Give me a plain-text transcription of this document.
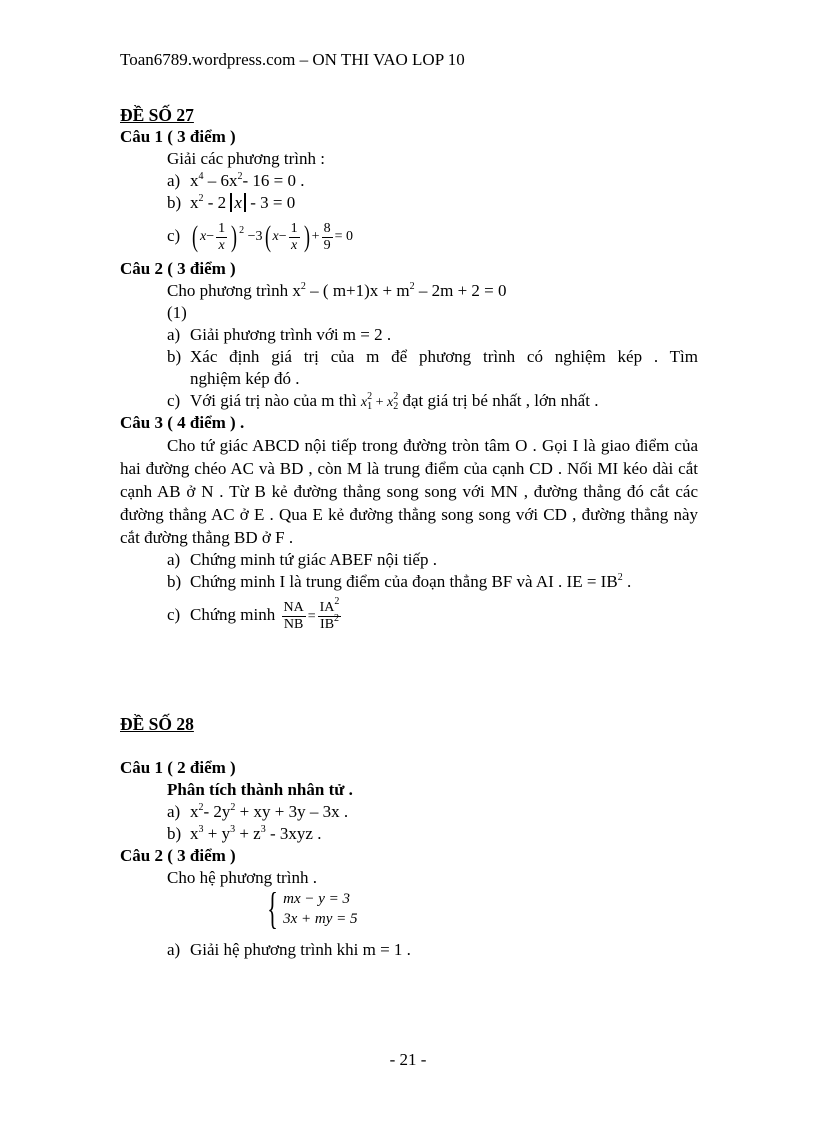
Toan6789.wordpress.com – ON THI VAO LOP 10
ĐỀ SỐ 27
Câu 1 ( 3 điểm )
Giải các phương trình :
a) $x^4 - 6x^2-$ 16 = 0 .
b) $x^2 - 2$ x - 3 = 0
c) ( $x- \frac{1}{x}$ ) $^2$ −3( $x- \frac{1}{x}$ ) + $\frac{8}{9} = 0$
Câu 2 ( 3 điểm )
Cho phương trình $x^2$ – ( $m+1)x + m^2 - 2m + 2 = 0$
(1)
a) Giải phương trình với m = 2 .
b) Xác định giá trị của m để phương trình có nghiệm kép . Tìm
nghiệm kép đó .
c) Với giá trị nào của m thì $x_1^2 + x_2^2$ đạt giá trị bé nhất , lớn nhất .
Câu 3 ( 4 điểm ) .
Cho tứ giác ABCD nội tiếp trong đường tròn tâm O . Gọi I là giao điểm của hai đường chéo AC và BD , còn M là trung điểm của cạnh CD . Nối MI kéo dài cắt cạnh AB ở N . Từ B kẻ đường thẳng song song với MN , đường thẳng đó cắt các đường thẳng AC ở E . Qua E kẻ đường thẳng song song với CD , đường thẳng này cắt đường thẳng BD ở F .
a) Chứng minh tứ giác ABEF nội tiếp .
b) Chứng minh I là trung điểm của đoạn thẳng BF và AI . IE = $IB^2$ .
c) Chứng minh $\frac{NA}{NB} = \frac{IA^2}{IB^2}$
ĐỀ SỐ 28
Câu 1 ( 2 điểm )
Phân tích thành nhân tử .
a) $x^2-$ $2y^2$ + xy + 3y – 3x .
b) $x^3 + y^3 + z^3 - 3xyz$ .
Câu 2 ( 3 điểm )
Cho hệ phương trình .
{ mx − y = 3
3x + my = 5
a) Giải hệ phương trình khi m = 1 .
- 21 -
